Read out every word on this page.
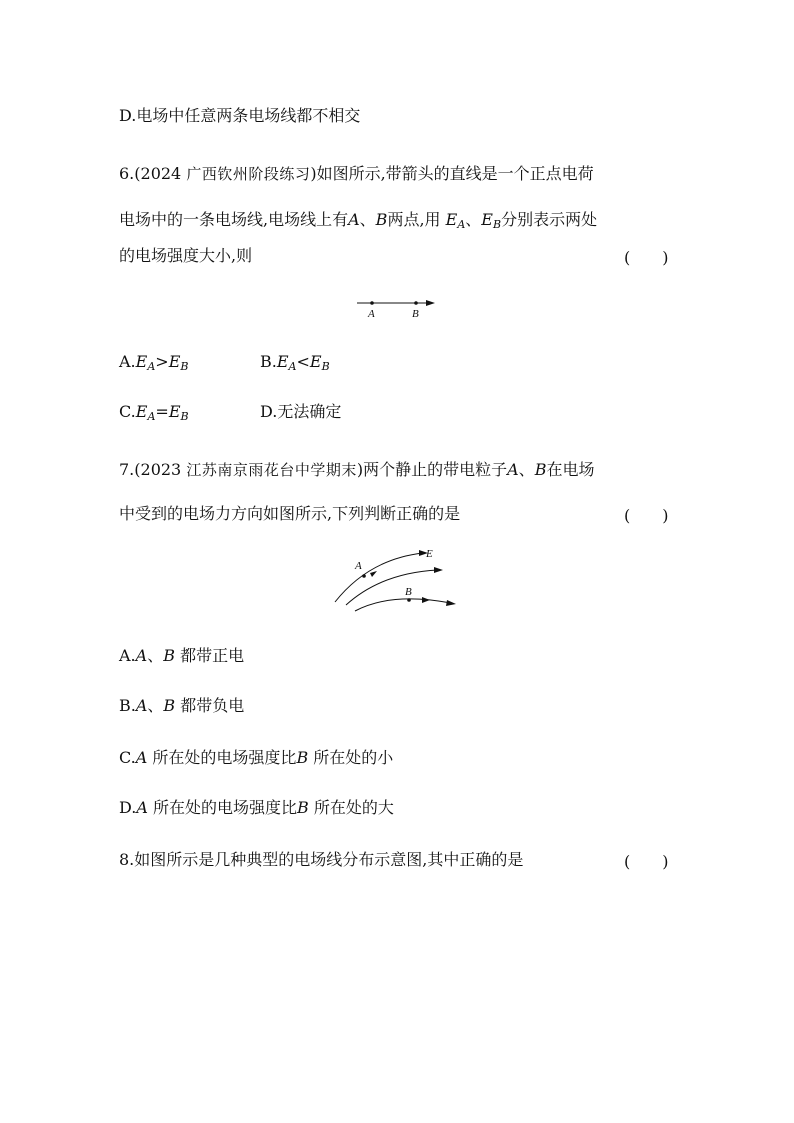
D.电场中任意两条电场线都不相交
6.(2024 广西钦州阶段练习)如图所示,带箭头的直线是一个正点电荷
电场中的一条电场线,电场线上有A、B两点,用 $E_A$、$E_B$分别表示两处
的电场强度大小,则	(　　)
A	B
$A.E_A>E_B$	$B.E_A<E_B$
$C.E_A=E_B$	D.无法确定
7.(2023 江苏南京雨花台中学期末)两个静止的带电粒子A、B在电场
中受到的电场力方向如图所示,下列判断正确的是	(　　)
A
B
E
A.A、B 都带正电
B.A、B 都带负电
C.A 所在处的电场强度比B 所在处的小
D.A 所在处的电场强度比B 所在处的大
8.如图所示是几种典型的电场线分布示意图,其中正确的是	(　　)
